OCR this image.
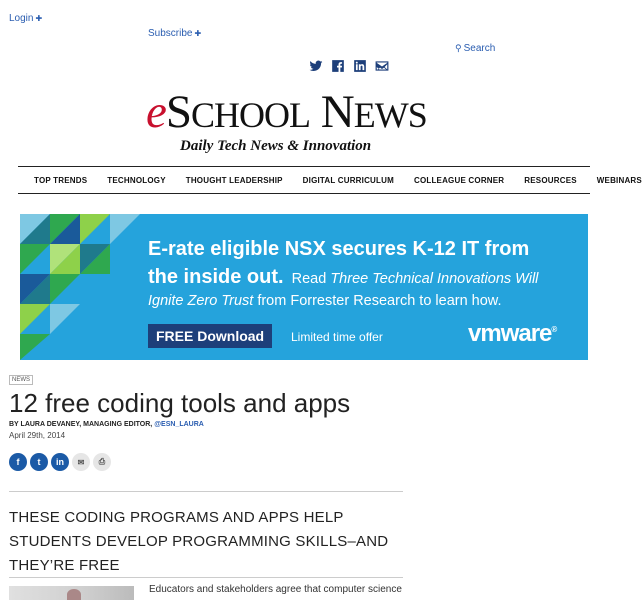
Login ✚
Subscribe ✚
⚲ Search
eSCHOOL NEWS
Daily Tech News & Innovation
TOP TRENDS	TECHNOLOGY	THOUGHT LEADERSHIP	DIGITAL CURRICULUM	COLLEAGUE CORNER	RESOURCES	WEBINARS
E-rate eligible NSX secures K-12 IT from
the inside out. Read Three Technical Innovations Will
Ignite Zero Trust from Forrester Research to learn how.
FREE Download	Limited time offer	vmware®
NEWS
12 free coding tools and apps
BY LAURA DEVANEY, MANAGING EDITOR, @ESN_LAURA
April 29th, 2014
f	t	in	✉	⎙
THESE CODING PROGRAMS AND APPS HELP STUDENTS DEVELOP PROGRAMMING SKILLS–AND THEY’RE FREE

Educators and stakeholders agree that computer science
